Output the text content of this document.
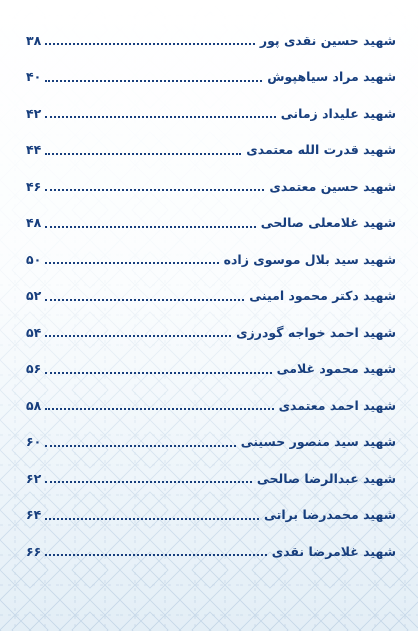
شهید حسین نقدی پور
۳۸
شهید مراد سیاهپوش
۴۰
شهید علیداد زمانی
۴۲
شهید قدرت الله معتمدی
۴۴
شهید حسین معتمدی
۴۶
شهید غلامعلی صالحی
۴۸
شهید سید بلال موسوی زاده
۵۰
شهید دکتر محمود امینی
۵۲
شهید احمد خواجه گودرزی
۵۴
شهید محمود غلامی
۵۶
شهید احمد معتمدی
۵۸
شهید سید منصور حسینی
۶۰
شهید عبدالرضا صالحی
۶۲
شهید محمدرضا براتی
۶۴
شهید غلامرضا نقدی
۶۶
